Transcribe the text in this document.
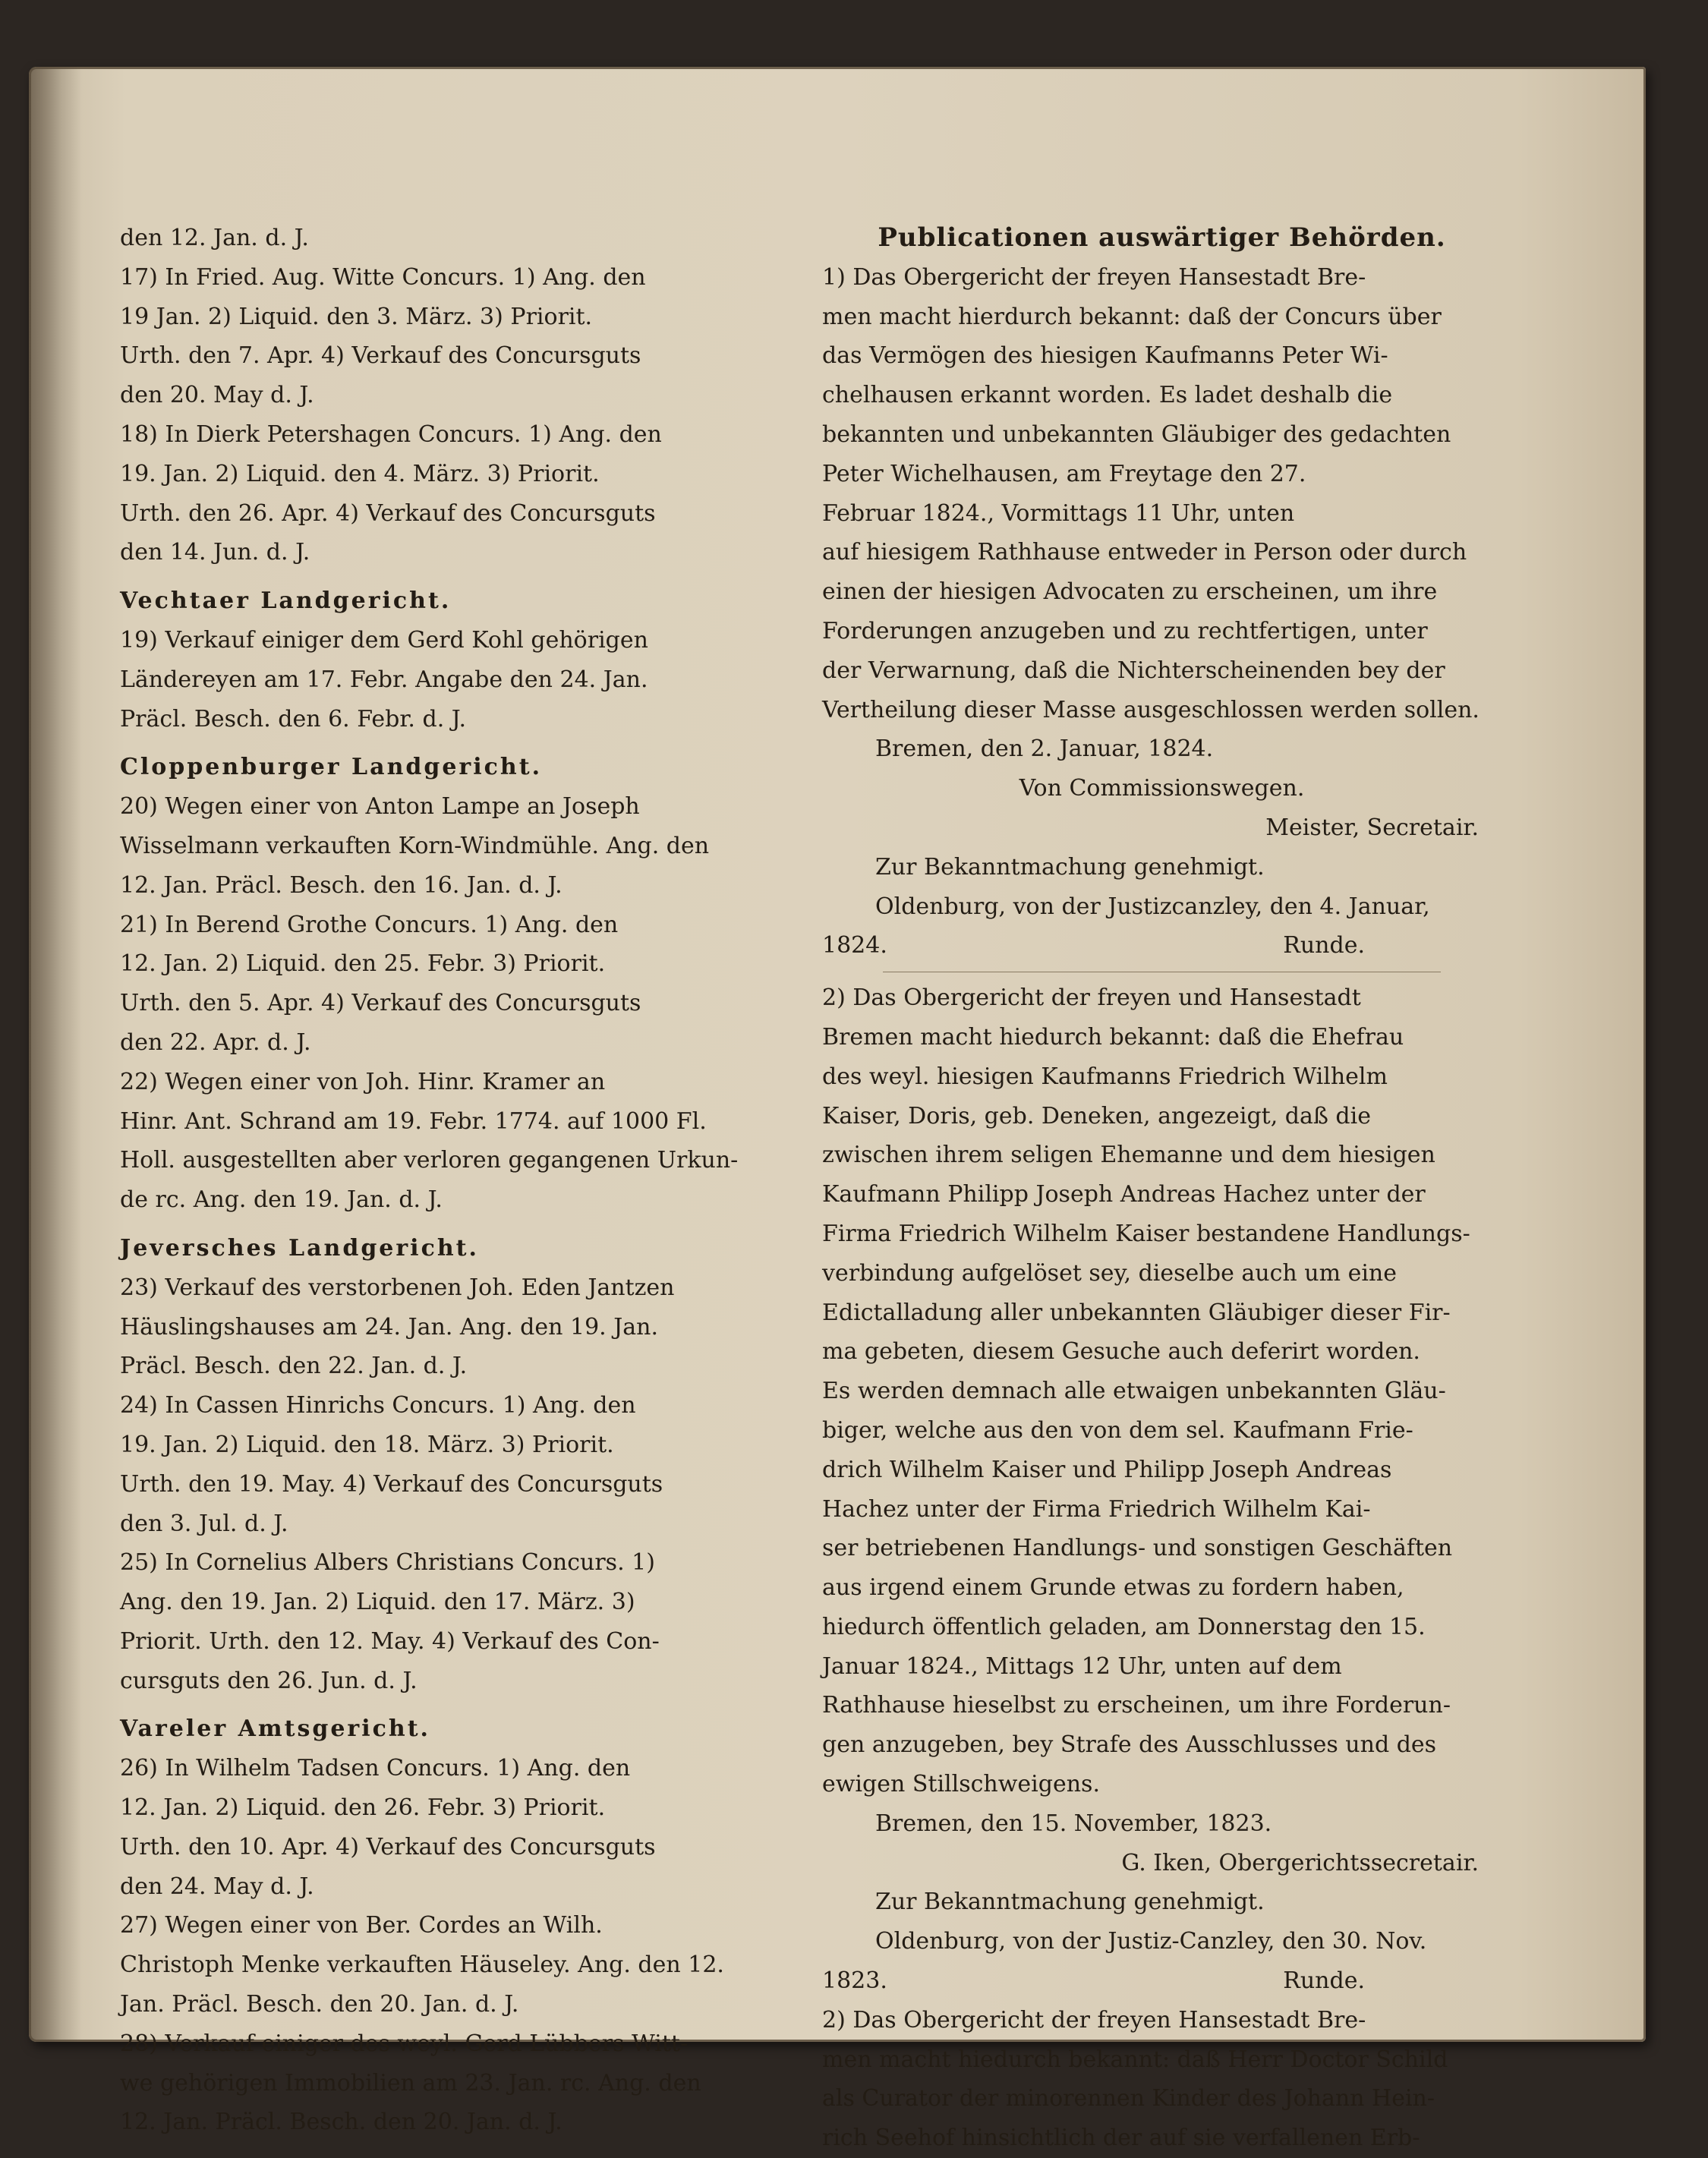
den 12. Jan. d. J.
17) In Fried. Aug. Witte Concurs. 1) Ang. den
19 Jan. 2) Liquid. den 3. März. 3) Priorit.
Urth. den 7. Apr. 4) Verkauf des Concursguts
den 20. May d. J.
18) In Dierk Petershagen Concurs. 1) Ang. den
19. Jan. 2) Liquid. den 4. März. 3) Priorit.
Urth. den 26. Apr. 4) Verkauf des Concursguts
den 14. Jun. d. J.

Vechtaer Landgericht.

19) Verkauf einiger dem Gerd Kohl gehörigen
Ländereyen am 17. Febr. Angabe den 24. Jan.
Präcl. Besch. den 6. Febr. d. J.

Cloppenburger Landgericht.

20) Wegen einer von Anton Lampe an Joseph
Wisselmann verkauften Korn-Windmühle. Ang. den
12. Jan. Präcl. Besch. den 16. Jan. d. J.
21) In Berend Grothe Concurs. 1) Ang. den
12. Jan. 2) Liquid. den 25. Febr. 3) Priorit.
Urth. den 5. Apr. 4) Verkauf des Concursguts
den 22. Apr. d. J.
22) Wegen einer von Joh. Hinr. Kramer an
Hinr. Ant. Schrand am 19. Febr. 1774. auf 1000 Fl.
Holl. ausgestellten aber verloren gegangenen Urkun-
de rc. Ang. den 19. Jan. d. J.

Jeversches Landgericht.

23) Verkauf des verstorbenen Joh. Eden Jantzen
Häuslingshauses am 24. Jan. Ang. den 19. Jan.
Präcl. Besch. den 22. Jan. d. J.
24) In Cassen Hinrichs Concurs. 1) Ang. den
19. Jan. 2) Liquid. den 18. März. 3) Priorit.
Urth. den 19. May. 4) Verkauf des Concursguts
den 3. Jul. d. J.
25) In Cornelius Albers Christians Concurs. 1)
Ang. den 19. Jan. 2) Liquid. den 17. März. 3)
Priorit. Urth. den 12. May. 4) Verkauf des Con-
cursguts den 26. Jun. d. J.

Vareler Amtsgericht.

26) In Wilhelm Tadsen Concurs. 1) Ang. den
12. Jan. 2) Liquid. den 26. Febr. 3) Priorit.
Urth. den 10. Apr. 4) Verkauf des Concursguts
den 24. May d. J.
27) Wegen einer von Ber. Cordes an Wilh.
Christoph Menke verkauften Häuseley. Ang. den 12.
Jan. Präcl. Besch. den 20. Jan. d. J.
28) Verkauf einiger des weyl. Gerd Lübbers Witt-
we gehörigen Immobilien am 23. Jan. rc. Ang. den
12. Jan. Präcl. Besch. den 20. Jan. d. J.

Publicationen auswärtiger Behörden.

1) Das Obergericht der freyen Hansestadt Bre-
men macht hierdurch bekannt: daß der Concurs über
das Vermögen des hiesigen Kaufmanns Peter Wi-
chelhausen erkannt worden. Es ladet deshalb die
bekannten und unbekannten Gläubiger des gedachten
Peter Wichelhausen, am Freytage den 27.
Februar 1824., Vormittags 11 Uhr, unten
auf hiesigem Rathhause entweder in Person oder durch
einen der hiesigen Advocaten zu erscheinen, um ihre
Forderungen anzugeben und zu rechtfertigen, unter
der Verwarnung, daß die Nichterscheinenden bey der
Vertheilung dieser Masse ausgeschlossen werden sollen.

Bremen, den 2. Januar, 1824.

Von Commissionswegen.

Meister, Secretair.

Zur Bekanntmachung genehmigt.

Oldenburg, von der Justizcanzley, den 4. Januar,

1824.	Runde.

2) Das Obergericht der freyen und Hansestadt
Bremen macht hiedurch bekannt: daß die Ehefrau
des weyl. hiesigen Kaufmanns Friedrich Wilhelm
Kaiser, Doris, geb. Deneken, angezeigt, daß die
zwischen ihrem seligen Ehemanne und dem hiesigen
Kaufmann Philipp Joseph Andreas Hachez unter der
Firma Friedrich Wilhelm Kaiser bestandene Handlungs-
verbindung aufgelöset sey, dieselbe auch um eine
Edictalladung aller unbekannten Gläubiger dieser Fir-
ma gebeten, diesem Gesuche auch deferirt worden.
Es werden demnach alle etwaigen unbekannten Gläu-
biger, welche aus den von dem sel. Kaufmann Frie-
drich Wilhelm Kaiser und Philipp Joseph Andreas
Hachez unter der Firma Friedrich Wilhelm Kai-
ser betriebenen Handlungs- und sonstigen Geschäften
aus irgend einem Grunde etwas zu fordern haben,
hiedurch öffentlich geladen, am Donnerstag den 15.
Januar 1824., Mittags 12 Uhr, unten auf dem
Rathhause hieselbst zu erscheinen, um ihre Forderun-
gen anzugeben, bey Strafe des Ausschlusses und des
ewigen Stillschweigens.

Bremen, den 15. November, 1823.

G. Iken, Obergerichtssecretair.

Zur Bekanntmachung genehmigt.

Oldenburg, von der Justiz-Canzley, den 30. Nov.

1823.	Runde.

2) Das Obergericht der freyen Hansestadt Bre-
men macht hiedurch bekannt: daß Herr Doctor Schild
als Curator der minorennen Kinder des Johann Hein-
rich Seehof hinsichtlich der auf sie verfallenen Erb-
